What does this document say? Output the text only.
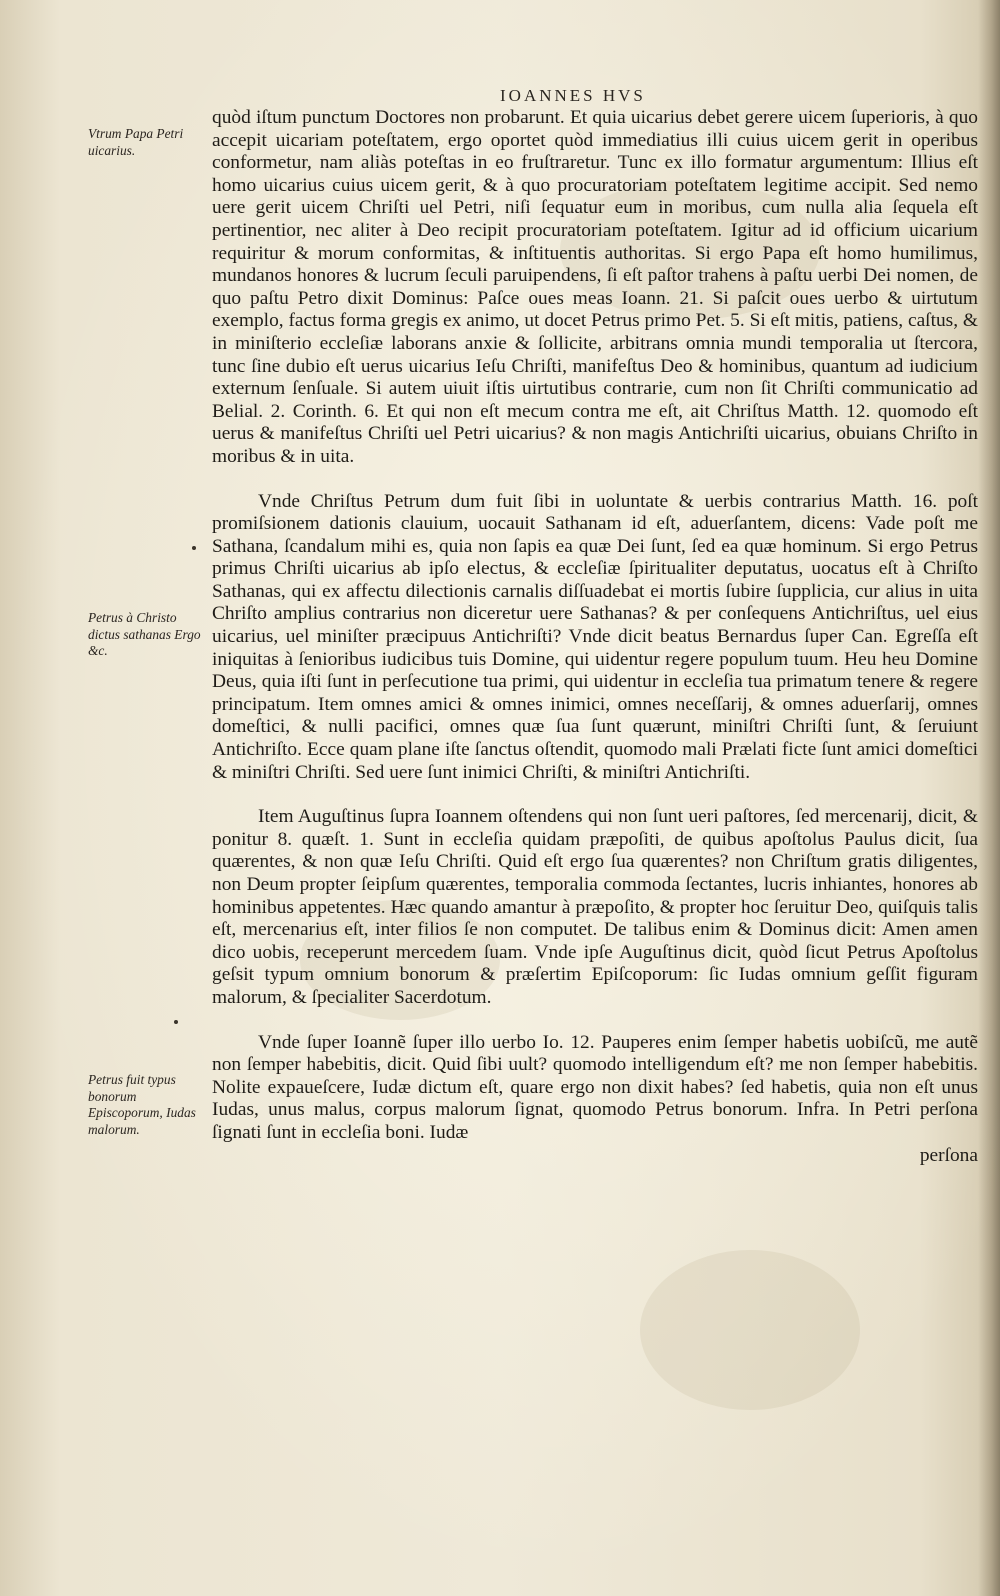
IOANNES HVS
Vtrum Papa Petri uicarius.
Petrus à Christo dictus sathanas Ergo &c.
Petrus fuit typus bonorum Episcoporum, Iudas malorum.

quòd iſtum punctum Doctores non probarunt. Et quia uicarius debet gerere uicem ſuperioris, à quo accepit uicariam poteſtatem, ergo oportet quòd immediatius illi cuius uicem gerit in operibus conformetur, nam aliàs poteſtas in eo fruſtraretur. Tunc ex illo formatur argumentum: Illius eſt homo uicarius cuius uicem gerit, & à quo procuratoriam poteſtatem legitime accipit. Sed nemo uere gerit uicem Chriſti uel Petri, niſi ſequatur eum in moribus, cum nulla alia ſequela eſt pertinentior, nec aliter à Deo recipit procuratoriam poteſtatem. Igitur ad id officium uicarium requiritur & morum conformitas, & inſtituentis authoritas. Si ergo Papa eſt homo humilimus, mundanos honores & lucrum ſeculi paruipendens, ſi eſt paſtor trahens à paſtu uerbi Dei nomen, de quo paſtu Petro dixit Dominus: Paſce oues meas Ioann. 21. Si paſcit oues uerbo & uirtutum exemplo, factus forma gregis ex animo, ut docet Petrus primo Pet. 5. Si eſt mitis, patiens, caſtus, & in miniſterio eccleſiæ laborans anxie & ſollicite, arbitrans omnia mundi temporalia ut ſtercora, tunc ſine dubio eſt uerus uicarius Ieſu Chriſti, manifeſtus Deo & hominibus, quantum ad iudicium externum ſenſuale. Si autem uiuit iſtis uirtutibus contrarie, cum non ſit Chriſti communicatio ad Belial. 2. Corinth. 6. Et qui non eſt mecum contra me eſt, ait Chriſtus Matth. 12. quomodo eſt uerus & manifeſtus Chriſti uel Petri uicarius? & non magis Antichriſti uicarius, obuians Chriſto in moribus & in uita.

Vnde Chriſtus Petrum dum fuit ſibi in uoluntate & uerbis contrarius Matth. 16. poſt promiſsionem dationis clauium, uocauit Sathanam id eſt, aduerſantem, dicens: Vade poſt me Sathana, ſcandalum mihi es, quia non ſapis ea quæ Dei ſunt, ſed ea quæ hominum. Si ergo Petrus primus Chriſti uicarius ab ipſo electus, & eccleſiæ ſpiritualiter deputatus, uocatus eſt à Chriſto Sathanas, qui ex affectu dilectionis carnalis diſſuadebat ei mortis ſubire ſupplicia, cur alius in uita Chriſto amplius contrarius non diceretur uere Sathanas? & per conſequens Antichriſtus, uel eius uicarius, uel miniſter præcipuus Antichriſti? Vnde dicit beatus Bernardus ſuper Can. Egreſſa eſt iniquitas à ſenioribus iudicibus tuis Domine, qui uidentur regere populum tuum. Heu heu Domine Deus, quia iſti ſunt in perſecutione tua primi, qui uidentur in eccleſia tua primatum tenere & regere principatum. Item omnes amici & omnes inimici, omnes neceſſarij, & omnes aduerſarij, omnes domeſtici, & nulli pacifici, omnes quæ ſua ſunt quærunt, miniſtri Chriſti ſunt, & ſeruiunt Antichriſto. Ecce quam plane iſte ſanctus oſtendit, quomodo mali Prælati ficte ſunt amici domeſtici & miniſtri Chriſti. Sed uere ſunt inimici Chriſti, & miniſtri Antichriſti.

Item Auguſtinus ſupra Ioannem oſtendens qui non ſunt ueri paſtores, ſed mercenarij, dicit, & ponitur 8. quæſt. 1. Sunt in eccleſia quidam præpoſiti, de quibus apoſtolus Paulus dicit, ſua quærentes, & non quæ Ieſu Chriſti. Quid eſt ergo ſua quærentes? non Chriſtum gratis diligentes, non Deum propter ſeipſum quærentes, temporalia commoda ſectantes, lucris inhiantes, honores ab hominibus appetentes. Hæc quando amantur à præpoſito, & propter hoc ſeruitur Deo, quiſquis talis eſt, mercenarius eſt, inter filios ſe non computet. De talibus enim & Dominus dicit: Amen amen dico uobis, receperunt mercedem ſuam. Vnde ipſe Auguſtinus dicit, quòd ſicut Petrus Apoſtolus geſsit typum omnium bonorum & præſertim Epiſcoporum: ſic Iudas omnium geſſit figuram malorum, & ſpecialiter Sacerdotum.

Vnde ſuper Ioannẽ ſuper illo uerbo Io. 12. Pauperes enim ſemper habetis uobiſcũ, me autẽ non ſemper habebitis, dicit. Quid ſibi uult? quomodo intelligendum eſt? me non ſemper habebitis. Nolite expaueſcere, Iudæ dictum eſt, quare ergo non dixit habes? ſed habetis, quia non eſt unus Iudas, unus malus, corpus malorum ſignat, quomodo Petrus bonorum. Infra. In Petri perſona ſignati ſunt in eccleſia boni. Iudæ

perſona
